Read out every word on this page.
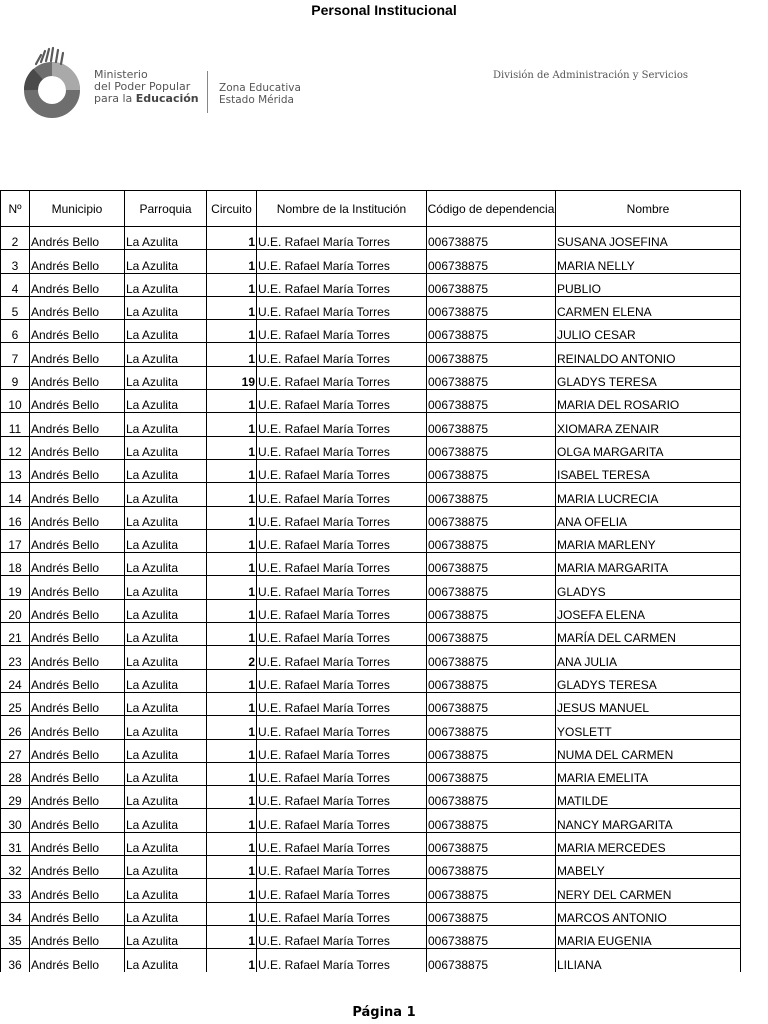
Personal Institucional
Ministerio
del Poder Popular
para la Educación
Zona Educativa
Estado Mérida
División de Administración y Servicios
Nº	Municipio	Parroquia	Circuito	Nombre de la Institución	Código de dependencia	Nombre
2	Andrés Bello	La Azulita	1	U.E. Rafael María Torres	006738875	SUSANA JOSEFINA
3	Andrés Bello	La Azulita	1	U.E. Rafael María Torres	006738875	MARIA NELLY
4	Andrés Bello	La Azulita	1	U.E. Rafael María Torres	006738875	PUBLIO
5	Andrés Bello	La Azulita	1	U.E. Rafael María Torres	006738875	CARMEN ELENA
6	Andrés Bello	La Azulita	1	U.E. Rafael María Torres	006738875	JULIO CESAR
7	Andrés Bello	La Azulita	1	U.E. Rafael María Torres	006738875	REINALDO ANTONIO
9	Andrés Bello	La Azulita	19	U.E. Rafael María Torres	006738875	GLADYS TERESA
10	Andrés Bello	La Azulita	1	U.E. Rafael María Torres	006738875	MARIA DEL ROSARIO
11	Andrés Bello	La Azulita	1	U.E. Rafael María Torres	006738875	XIOMARA ZENAIR
12	Andrés Bello	La Azulita	1	U.E. Rafael María Torres	006738875	OLGA MARGARITA
13	Andrés Bello	La Azulita	1	U.E. Rafael María Torres	006738875	ISABEL TERESA
14	Andrés Bello	La Azulita	1	U.E. Rafael María Torres	006738875	MARIA LUCRECIA
16	Andrés Bello	La Azulita	1	U.E. Rafael María Torres	006738875	ANA OFELIA
17	Andrés Bello	La Azulita	1	U.E. Rafael María Torres	006738875	MARIA MARLENY
18	Andrés Bello	La Azulita	1	U.E. Rafael María Torres	006738875	MARIA MARGARITA
19	Andrés Bello	La Azulita	1	U.E. Rafael María Torres	006738875	GLADYS
20	Andrés Bello	La Azulita	1	U.E. Rafael María Torres	006738875	JOSEFA ELENA
21	Andrés Bello	La Azulita	1	U.E. Rafael María Torres	006738875	MARÍA DEL CARMEN
23	Andrés Bello	La Azulita	2	U.E. Rafael María Torres	006738875	ANA JULIA
24	Andrés Bello	La Azulita	1	U.E. Rafael María Torres	006738875	GLADYS TERESA
25	Andrés Bello	La Azulita	1	U.E. Rafael María Torres	006738875	JESUS MANUEL
26	Andrés Bello	La Azulita	1	U.E. Rafael María Torres	006738875	YOSLETT
27	Andrés Bello	La Azulita	1	U.E. Rafael María Torres	006738875	NUMA DEL CARMEN
28	Andrés Bello	La Azulita	1	U.E. Rafael María Torres	006738875	MARIA EMELITA
29	Andrés Bello	La Azulita	1	U.E. Rafael María Torres	006738875	MATILDE
30	Andrés Bello	La Azulita	1	U.E. Rafael María Torres	006738875	NANCY MARGARITA
31	Andrés Bello	La Azulita	1	U.E. Rafael María Torres	006738875	MARIA MERCEDES
32	Andrés Bello	La Azulita	1	U.E. Rafael María Torres	006738875	MABELY
33	Andrés Bello	La Azulita	1	U.E. Rafael María Torres	006738875	NERY DEL CARMEN
34	Andrés Bello	La Azulita	1	U.E. Rafael María Torres	006738875	MARCOS ANTONIO
35	Andrés Bello	La Azulita	1	U.E. Rafael María Torres	006738875	MARIA EUGENIA
36	Andrés Bello	La Azulita	1	U.E. Rafael María Torres	006738875	LILIANA
Página 1
